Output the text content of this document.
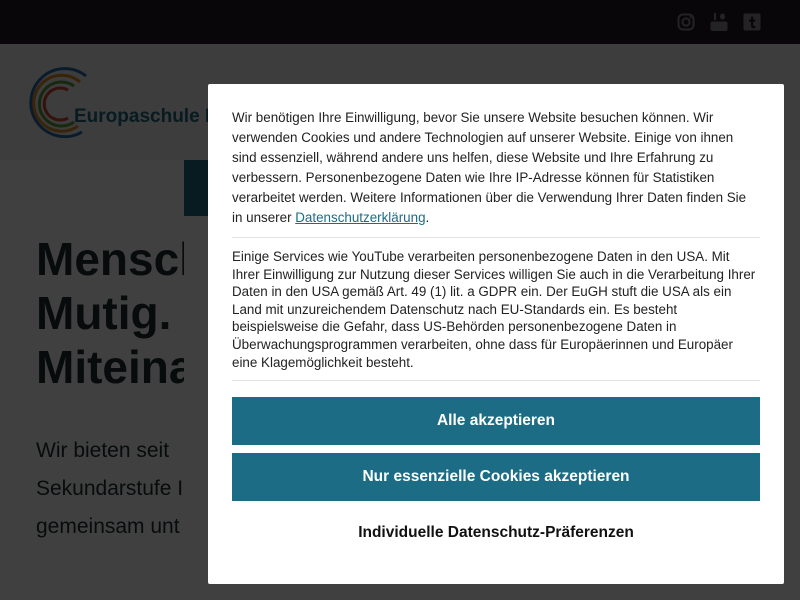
Wir benötigen Ihre Einwilligung, bevor Sie unsere Website besuchen können. Wir verwenden Cookies und andere Technologien auf unserer Website. Einige von ihnen sind essenziell, während andere uns helfen, diese Website und Ihre Erfahrung zu verbessern. Personenbezogene Daten wie Ihre IP-Adresse können für Statistiken verarbeitet werden. Weitere Informationen über die Verwendung Ihrer Daten finden Sie in unserer Datenschutzerklärung.

Einige Services wie YouTube verarbeiten personenbezogene Daten in den USA. Mit Ihrer Einwilligung zur Nutzung dieser Services willigen Sie auch in die Verarbeitung Ihrer Daten in den USA gemäß Art. 49 (1) lit. a GDPR ein. Der EuGH stuft die USA als ein Land mit unzureichendem Datenschutz nach EU-Standards ein. Es besteht beispielsweise die Gefahr, dass US-Behörden personenbezogene Daten in Überwachungsprogrammen verarbeiten, ohne dass für Europäerinnen und Europäer eine Klagemöglichkeit besteht.

Alle akzeptieren
Nur essenzielle Cookies akzeptieren
Individuelle Datenschutz-Präferenzen
